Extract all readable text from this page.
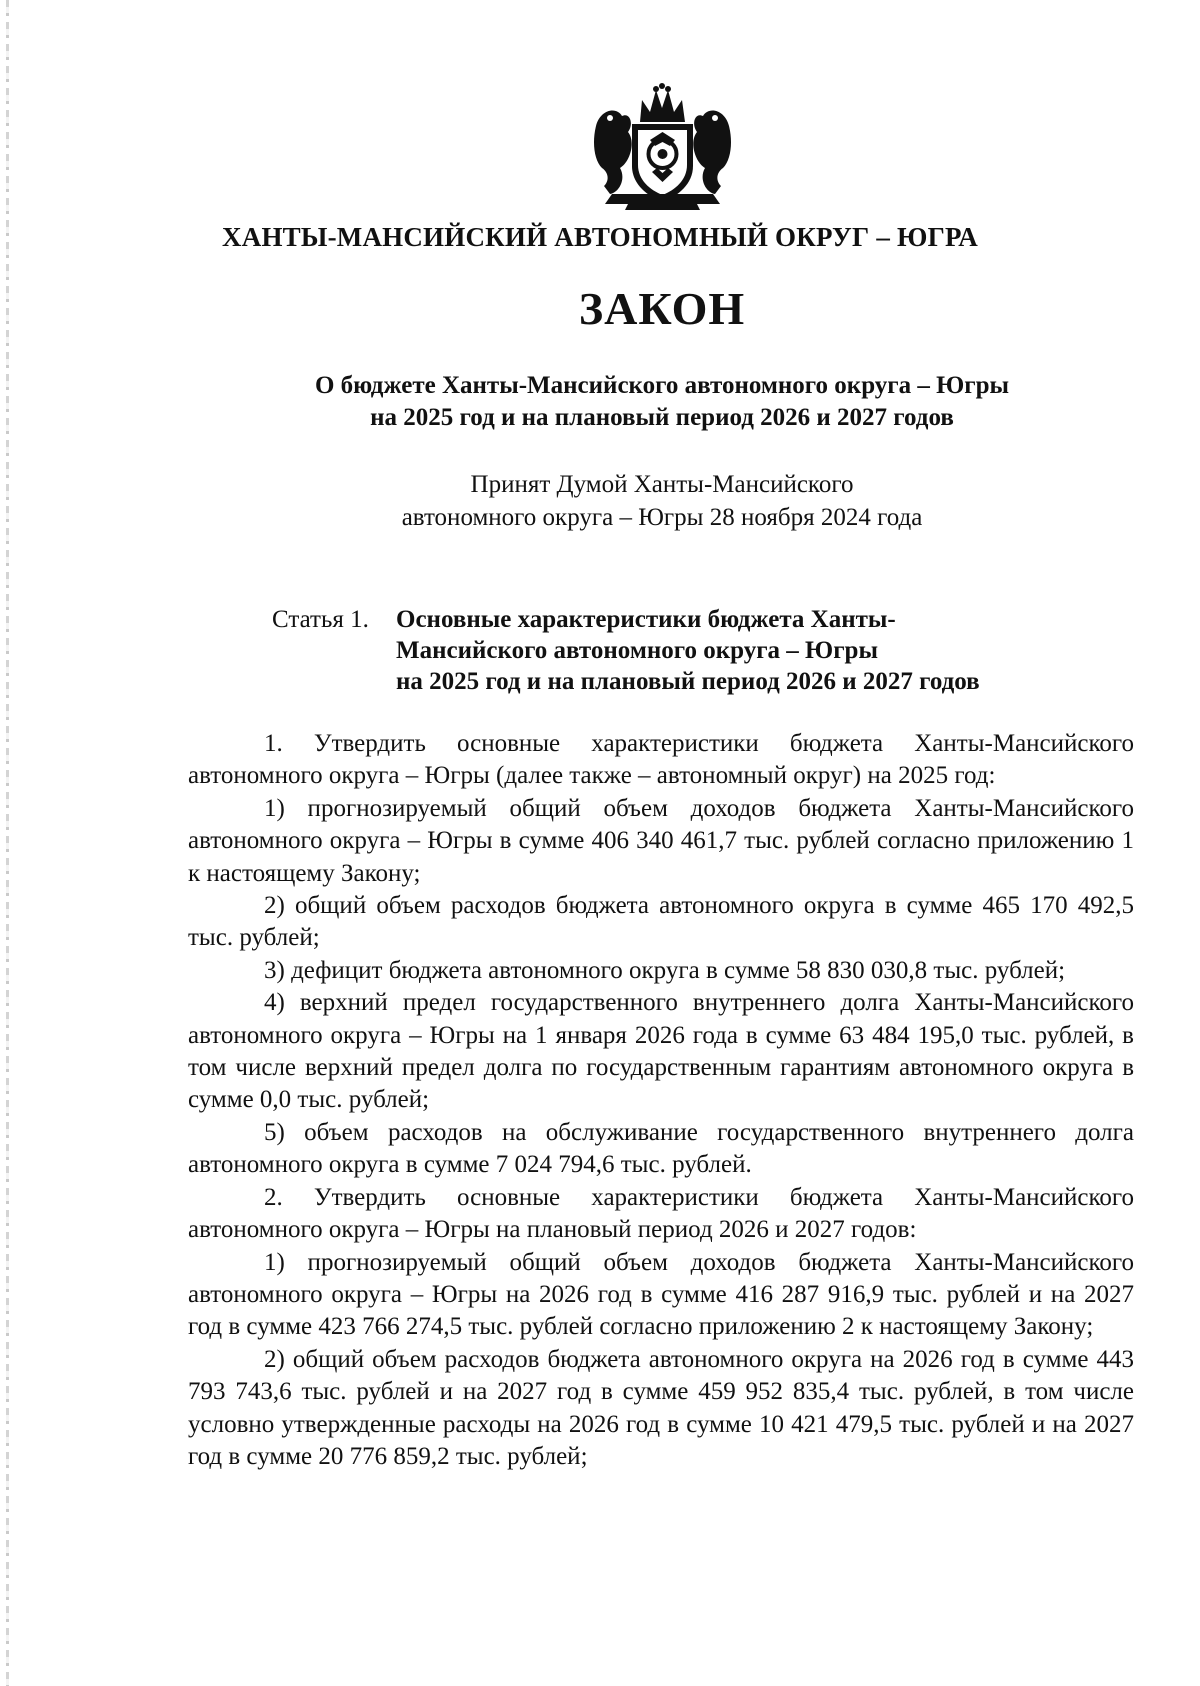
ХАНТЫ-МАНСИЙСКИЙ АВТОНОМНЫЙ ОКРУГ – ЮГРА
ЗАКОН
О бюджете Ханты-Мансийского автономного округа – Югры
на 2025 год и на плановый период 2026 и 2027 годов
Принят Думой Ханты-Мансийского
автономного округа – Югры 28 ноября 2024 года
Статья 1. Основные характеристики бюджета Ханты-
Мансийского автономного округа – Югры
на 2025 год и на плановый период 2026 и 2027 годов

1. Утвердить основные характеристики бюджета Ханты-Мансийского автономного округа – Югры (далее также – автономный округ) на 2025 год:

1) прогнозируемый общий объем доходов бюджета Ханты-Мансийского автономного округа – Югры в сумме 406 340 461,7 тыс. рублей согласно приложению 1 к настоящему Закону;

2) общий объем расходов бюджета автономного округа в сумме 465 170 492,5 тыс. рублей;

3) дефицит бюджета автономного округа в сумме 58 830 030,8 тыс. рублей;

4) верхний предел государственного внутреннего долга Ханты-Мансийского автономного округа – Югры на 1 января 2026 года в сумме 63 484 195,0 тыс. рублей, в том числе верхний предел долга по государственным гарантиям автономного округа в сумме 0,0 тыс. рублей;

5) объем расходов на обслуживание государственного внутреннего долга автономного округа в сумме 7 024 794,6 тыс. рублей.

2. Утвердить основные характеристики бюджета Ханты-Мансийского автономного округа – Югры на плановый период 2026 и 2027 годов:

1) прогнозируемый общий объем доходов бюджета Ханты-Мансийского автономного округа – Югры на 2026 год в сумме 416 287 916,9 тыс. рублей и на 2027 год в сумме 423 766 274,5 тыс. рублей согласно приложению 2 к настоящему Закону;

2) общий объем расходов бюджета автономного округа на 2026 год в сумме 443 793 743,6 тыс. рублей и на 2027 год в сумме 459 952 835,4 тыс. рублей, в том числе условно утвержденные расходы на 2026 год в сумме 10 421 479,5 тыс. рублей и на 2027 год в сумме 20 776 859,2 тыс. рублей;
